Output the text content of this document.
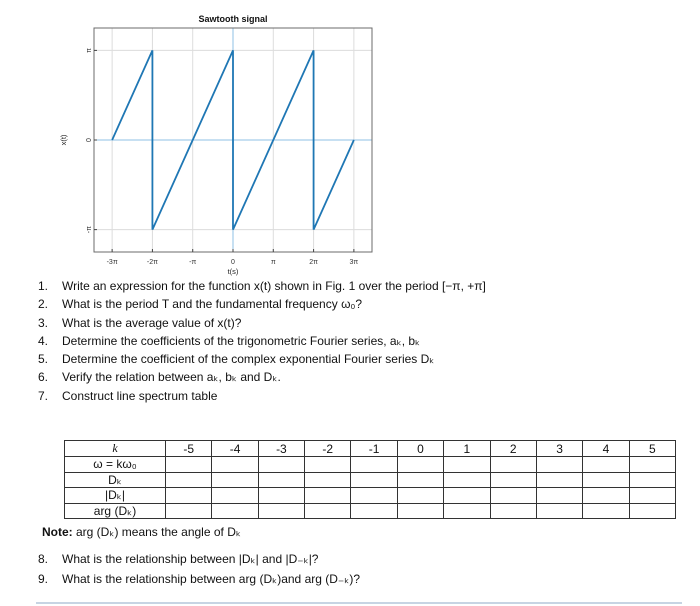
-3π	-2π	-π	0	π	2π	3π
-π
0
π
Sawtooth signal
t(s)
x(t)
1. Write an expression for the function x(t) shown in Fig. 1 over the period [−π, +π]
2. What is the period T and the fundamental frequency ω₀?
3. What is the average value of x(t)?
4. Determine the coefficients of the trigonometric Fourier series, aₖ, bₖ
5. Determine the coefficient of the complex exponential Fourier series Dₖ
6. Verify the relation between aₖ, bₖ and Dₖ.
7. Construct line spectrum table
k	-5	-4	-3	-2	-1	0	1	2	3	4	5
ω = kω₀											
Dₖ											
|Dₖ|											
arg (Dₖ)											
Note: arg (Dₖ) means the angle of Dₖ
8. What is the relationship between |Dₖ| and |D₋ₖ|?
9. What is the relationship between arg (Dₖ)and arg (D₋ₖ)?
